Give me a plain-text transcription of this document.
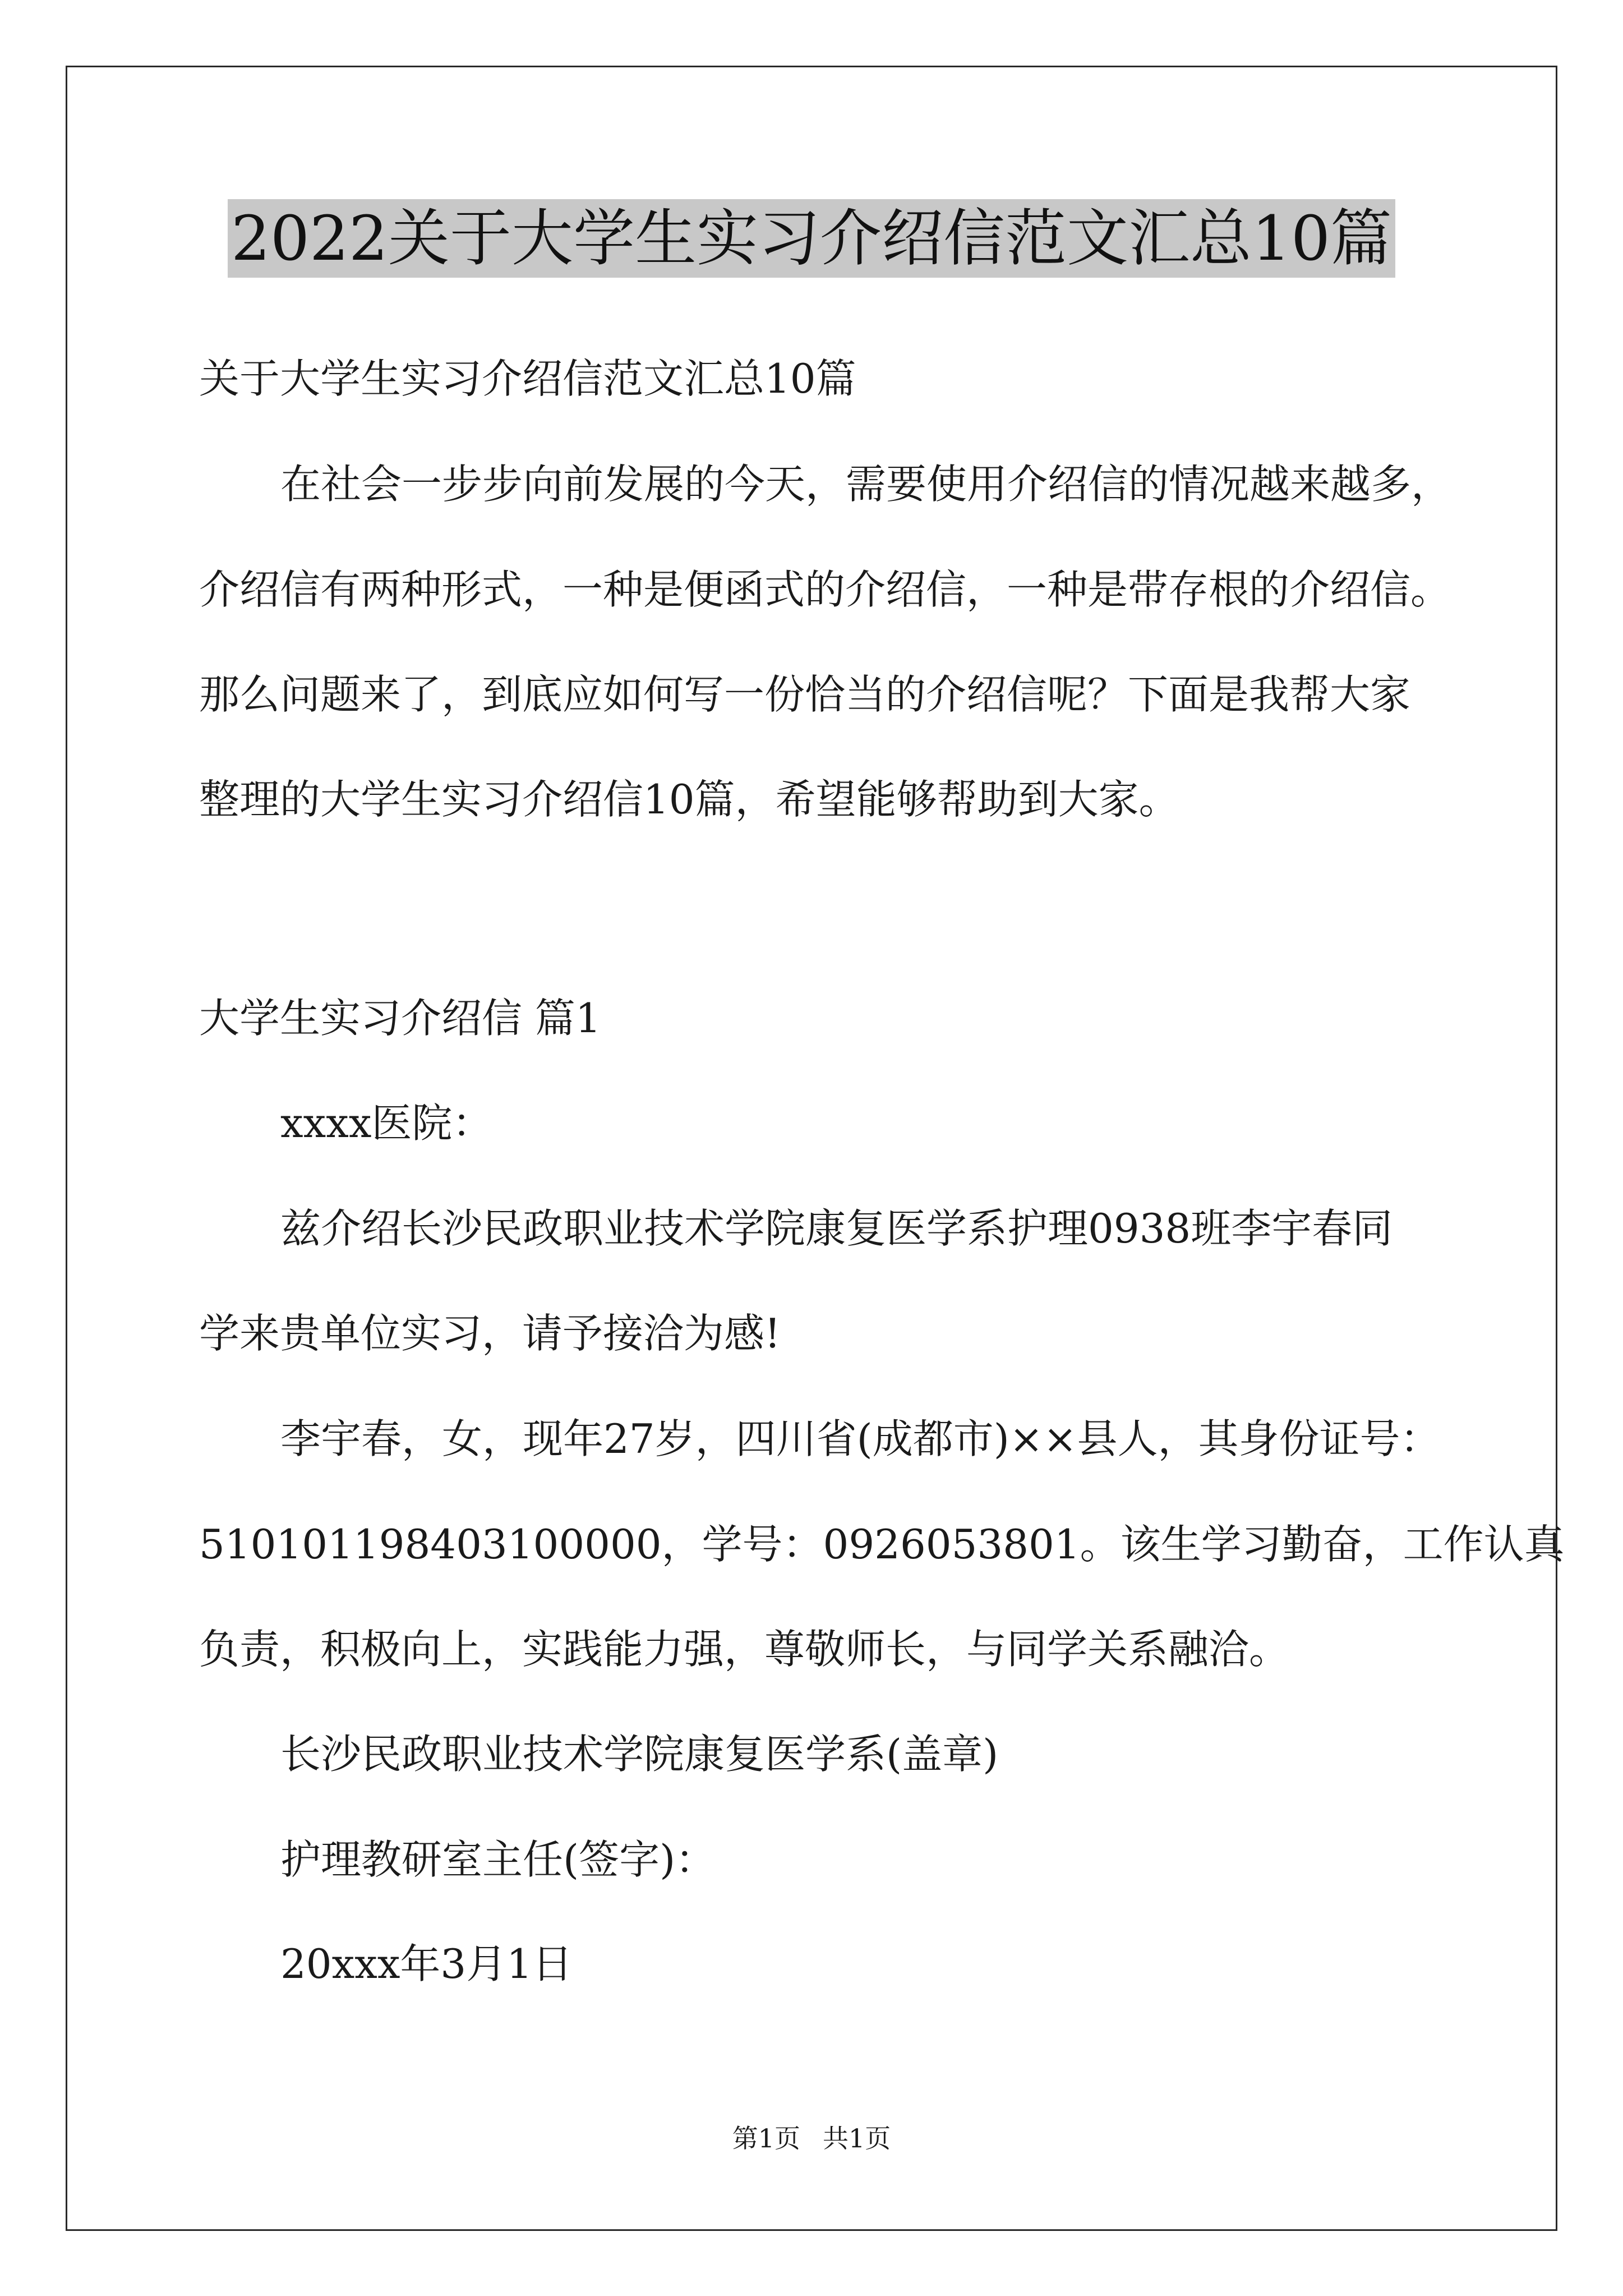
2022关于大学生实习介绍信范文汇总10篇
关于大学生实习介绍信范文汇总10篇
在社会一步步向前发展的今天，需要使用介绍信的情况越来越多，
介绍信有两种形式，一种是便函式的介绍信，一种是带存根的介绍信。
那么问题来了，到底应如何写一份恰当的介绍信呢？下面是我帮大家
整理的大学生实习介绍信10篇，希望能够帮助到大家。
大学生实习介绍信 篇1
xxxx医院：
兹介绍长沙民政职业技术学院康复医学系护理0938班李宇春同
学来贵单位实习，请予接洽为感!
李宇春，女，现年27岁，四川省(成都市)××县人，其身份证号：
510101198403100000，学号：0926053801。该生学习勤奋，工作认真
负责，积极向上，实践能力强，尊敬师长，与同学关系融洽。
长沙民政职业技术学院康复医学系(盖章)
护理教研室主任(签字)：
20xxx年3月1日
第1页 共1页
